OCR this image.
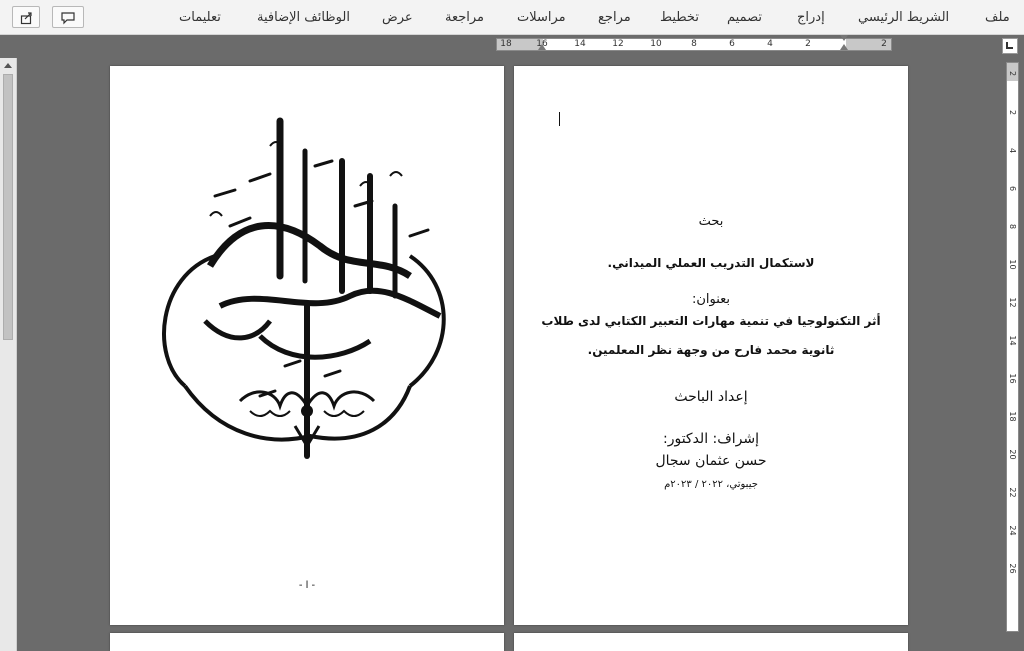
ملف
الشريط الرئيسي
إدراج
تصميم
تخطيط
مراجع
مراسلات
مراجعة
عرض
الوظائف الإضافية
تعليمات
2
2
4
6
8
10
12
14
16
18
2
2
4
6
8
10
12
14
16
18
20
22
24
26
- ا -
بحث
لاستكمال التدريب العملي الميداني.
بعنوان:
أثر التكنولوجيا في تنمية مهارات التعبير الكتابي لدى طلاب
ثانوية محمد فارح من وجهة نظر المعلمين.
إعداد الباحث
إشراف: الدكتور:
حسن عثمان سجال
جيبوتي، ٢٠٢٢ / ٢٠٢٣م
